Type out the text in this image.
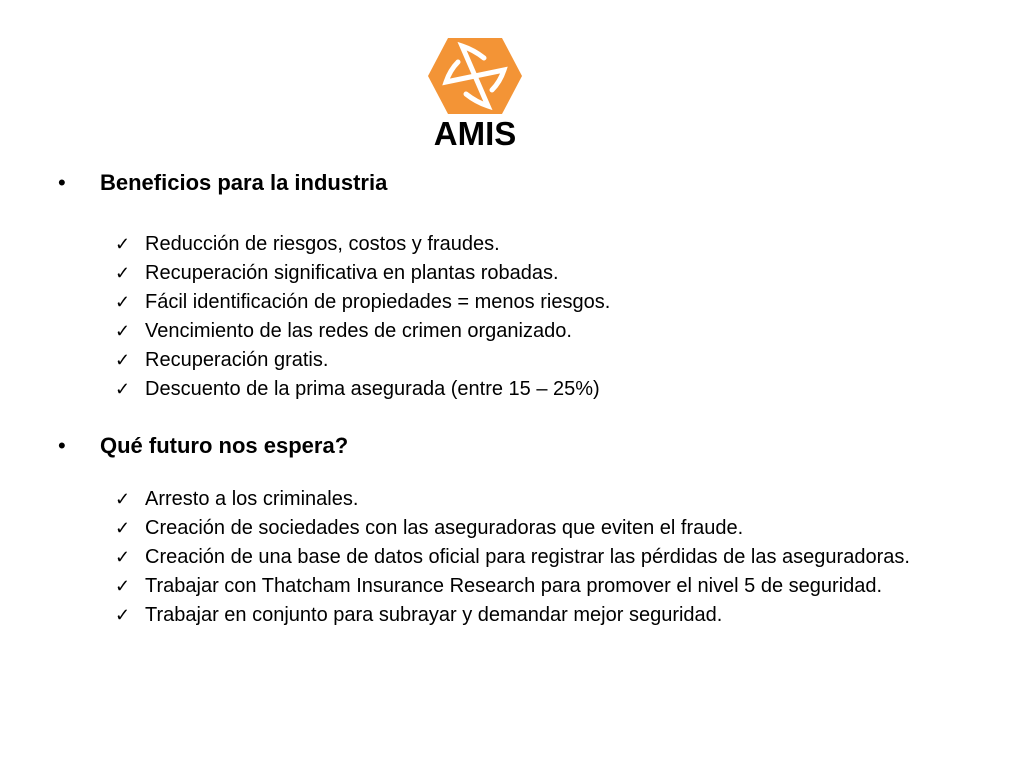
AMIS
• Beneficios para la industria
✓ Reducción de riesgos, costos y fraudes.
✓ Recuperación significativa en plantas robadas.
✓ Fácil identificación de propiedades = menos riesgos.
✓ Vencimiento de las redes de crimen organizado.
✓ Recuperación gratis.
✓ Descuento de la prima asegurada (entre 15 – 25%)
• Qué futuro nos espera?
✓ Arresto a los criminales.
✓ Creación de sociedades con las aseguradoras que eviten el fraude.
✓ Creación de una base de datos oficial para registrar las pérdidas de las aseguradoras.
✓ Trabajar con Thatcham Insurance Research para promover el nivel 5 de seguridad.
✓ Trabajar en conjunto para subrayar y demandar mejor seguridad.
